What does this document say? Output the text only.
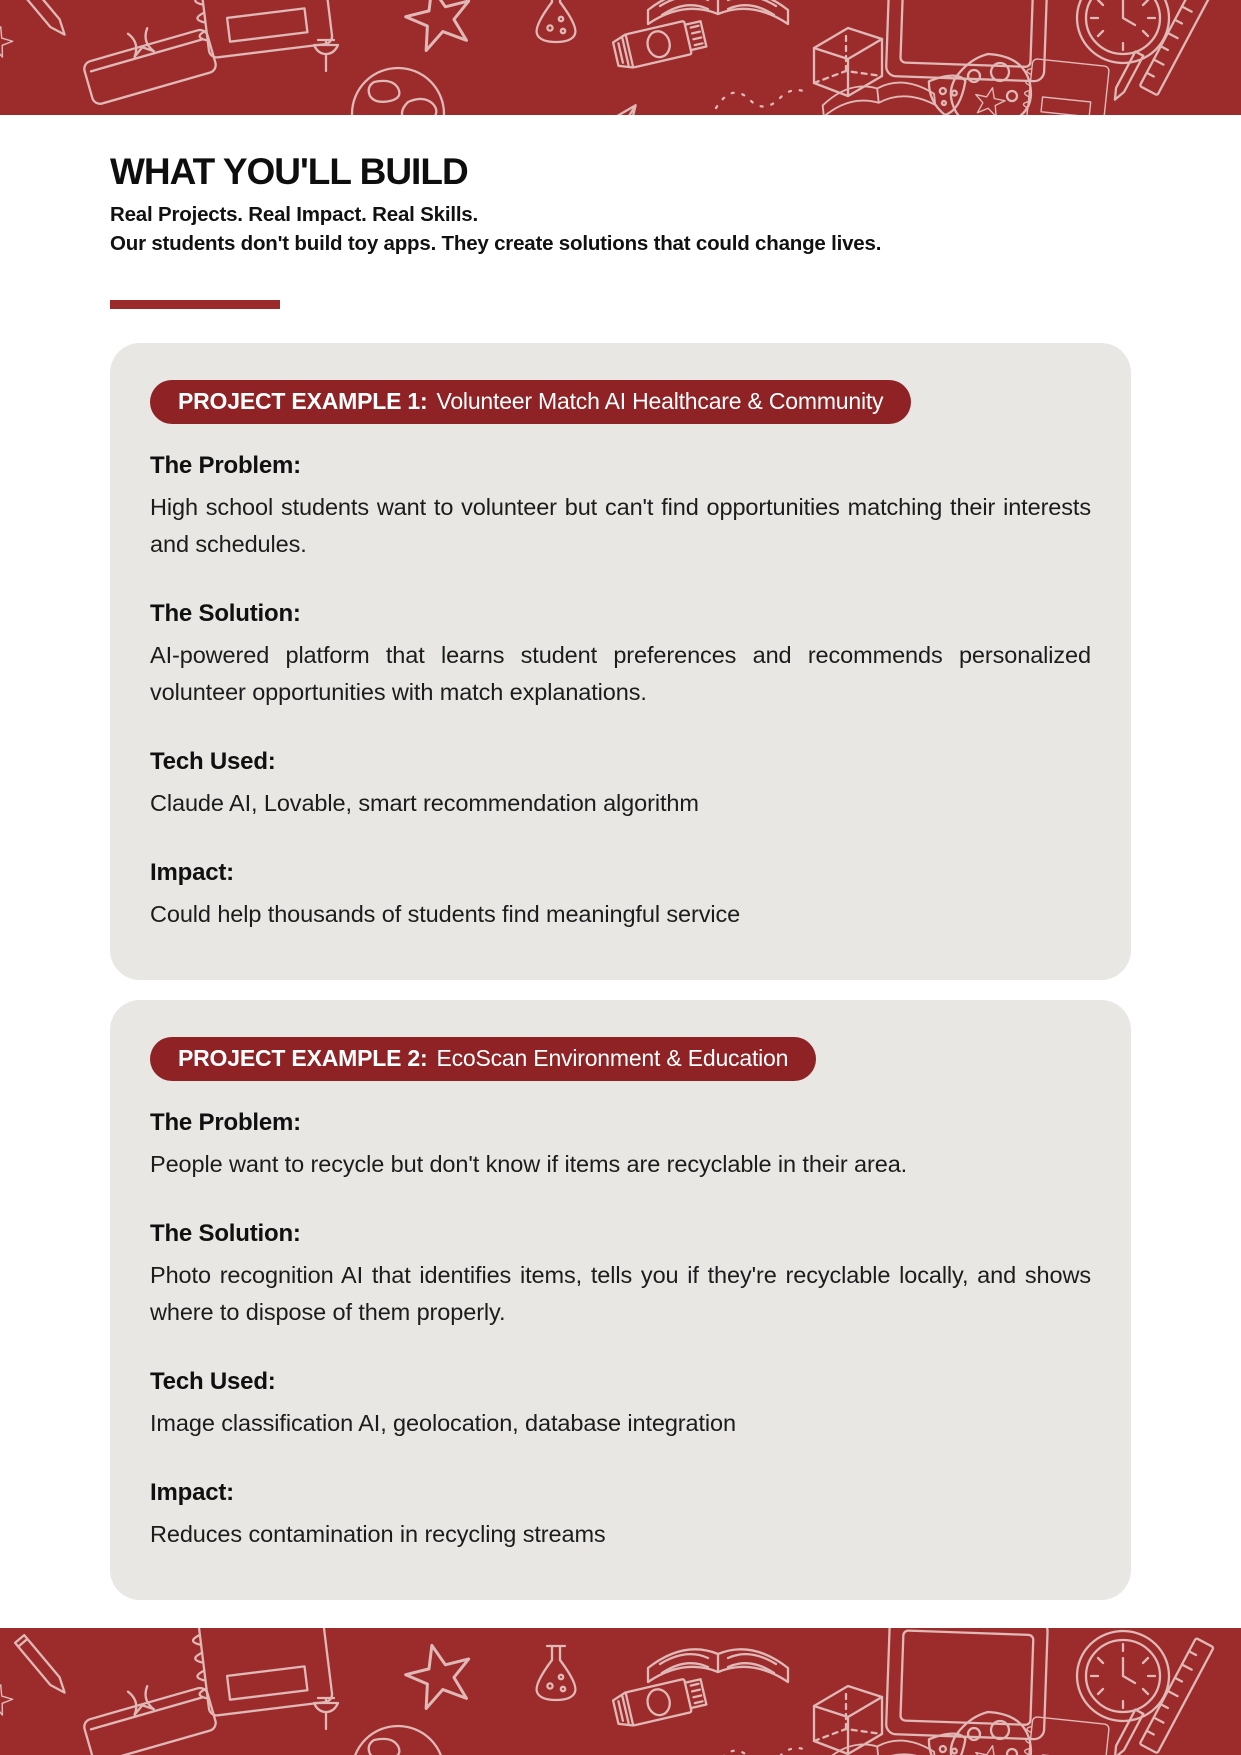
WHAT YOU'LL BUILD

Real Projects. Real Impact. Real Skills.

Our students don't build toy apps. They create solutions that could change lives.

PROJECT EXAMPLE 1: Volunteer Match AI Healthcare & Community
The Problem:

High school students want to volunteer but can't find opportunities matching their interests and schedules.

The Solution:

AI-powered platform that learns student preferences and recommends personalized volunteer opportunities with match explanations.

Tech Used:

Claude AI, Lovable, smart recommendation algorithm

Impact:

Could help thousands of students find meaningful service

PROJECT EXAMPLE 2: EcoScan Environment & Education
The Problem:

People want to recycle but don't know if items are recyclable in their area.

The Solution:

Photo recognition AI that identifies items, tells you if they're recyclable locally, and shows where to dispose of them properly.

Tech Used:

Image classification AI, geolocation, database integration

Impact:

Reduces contamination in recycling streams
